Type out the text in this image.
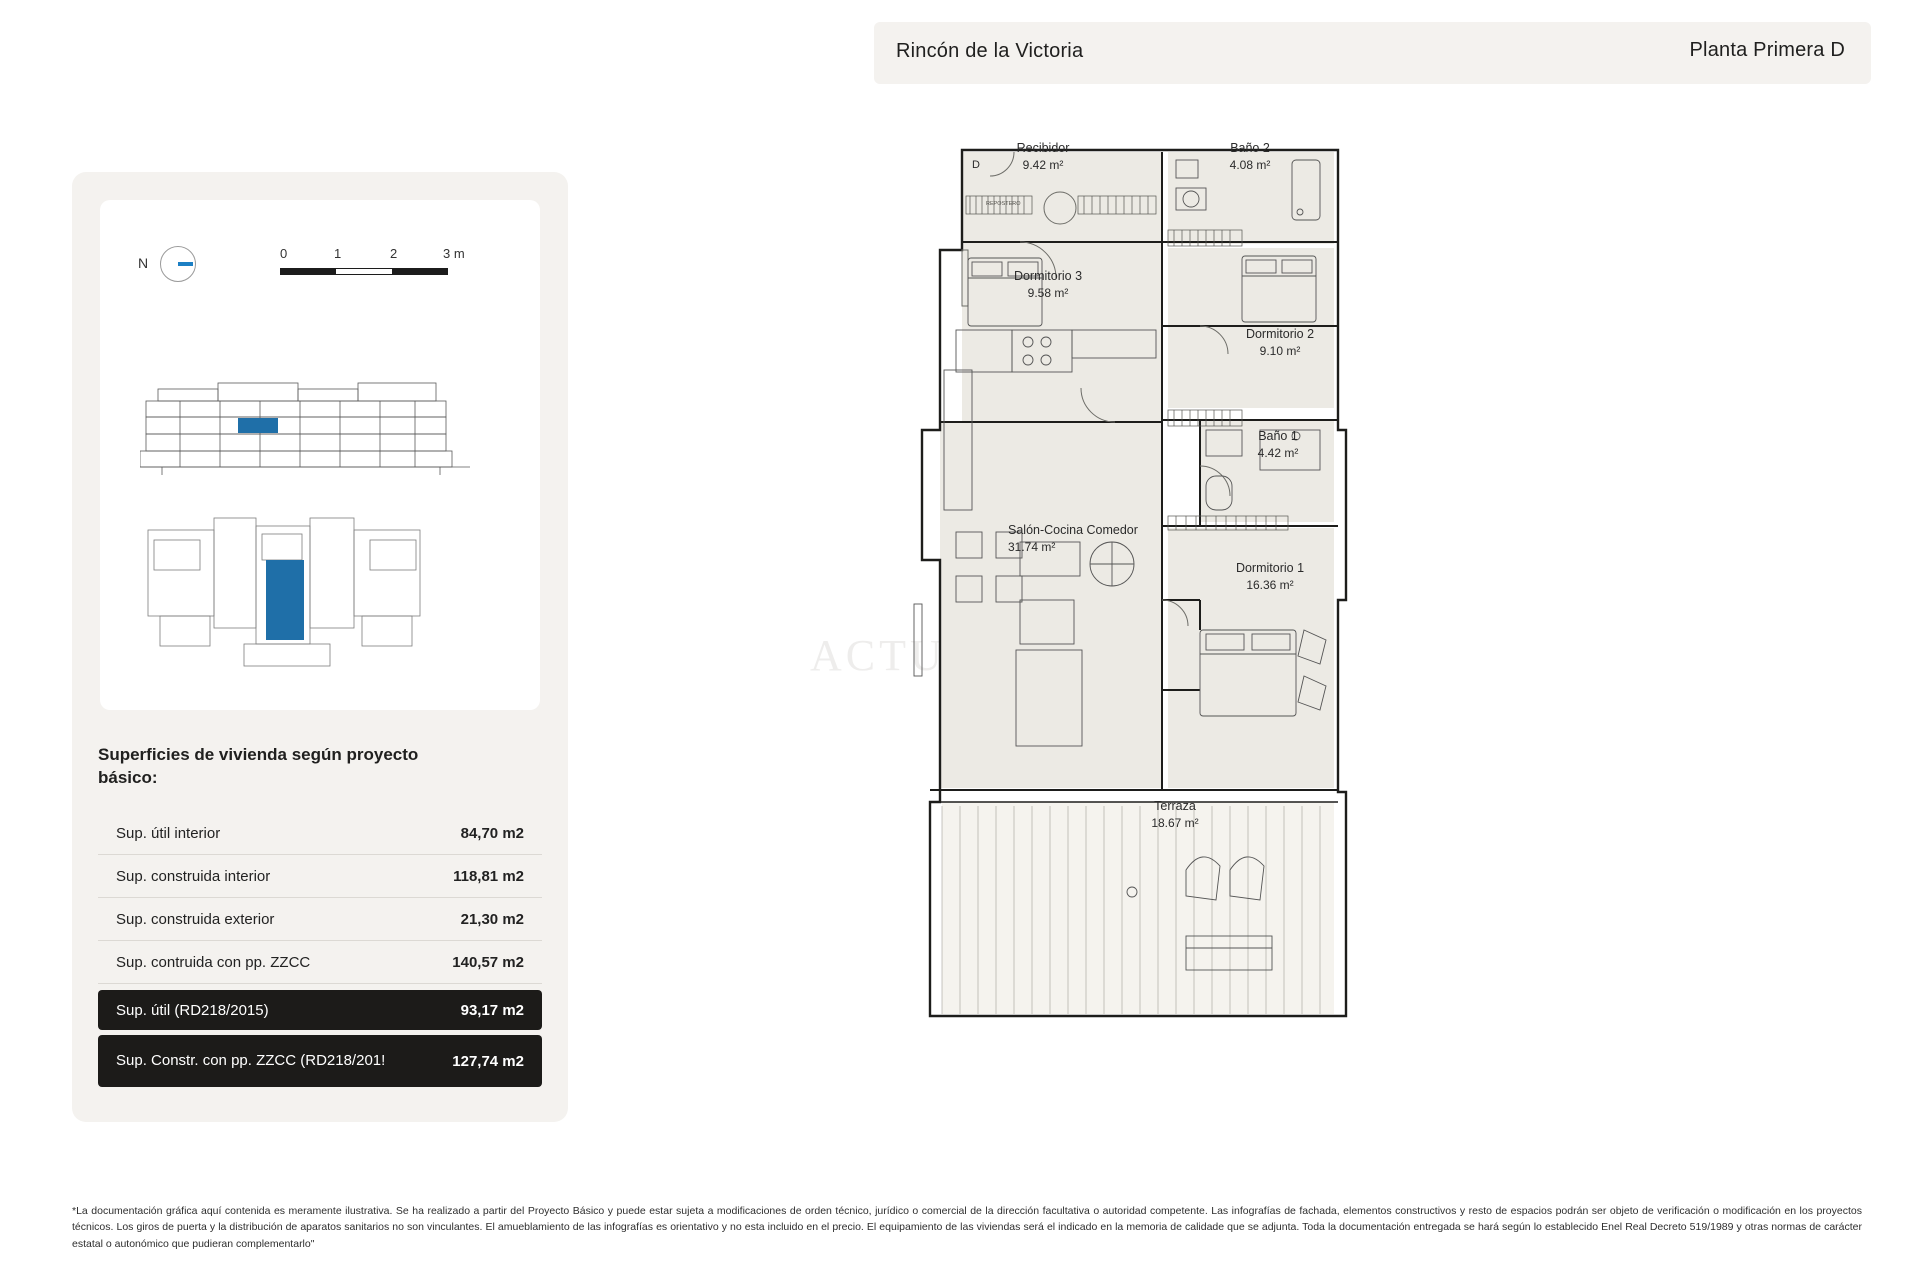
Rincón de la Victoria	Planta Primera D
N
0	1	2	3 m
Superficies de vivienda según proyecto básico:
Sup. útil interior	84,70 m2
Sup. construida interior	118,81 m2
Sup. construida exterior	21,30 m2
Sup. contruida con pp. ZZCC	140,57 m2
Sup. útil (RD218/2015)	93,17 m2
Sup. Constr. con pp. ZZCC (RD218/201!	127,74 m2
D
REPOSTERO
Recibidor
9.42 m²
Baño 2
4.08 m²
Dormitorio 3
9.58 m²
Dormitorio 2
9.10 m²
Baño 1
4.42 m²
Salón-Cocina Comedor
31.74 m²
Dormitorio 1
16.36 m²
Terraza
18.67 m²
*La documentación gráfica aquí contenida es meramente ilustrativa. Se ha realizado a partir del Proyecto Básico y puede estar sujeta a modificaciones de orden técnico, jurídico o comercial de la dirección facultativa o autoridad competente. Las infografías de fachada, elementos constructivos y resto de espacios podrán ser objeto de verificación o modificación en los proyectos técnicos. Los giros de puerta y la distribución de aparatos sanitarios no son vinculantes. El amueblamiento de las infografías es orientativo y no esta incluido en el precio. El equipamiento de las viviendas será el indicado en la memoria de calidade que se adjunta. Toda la documentación entregada se hará según lo establecido Enel Real Decreto 519/1989 y otras normas de carácter estatal o autonómico que pudieran complementarlo"
